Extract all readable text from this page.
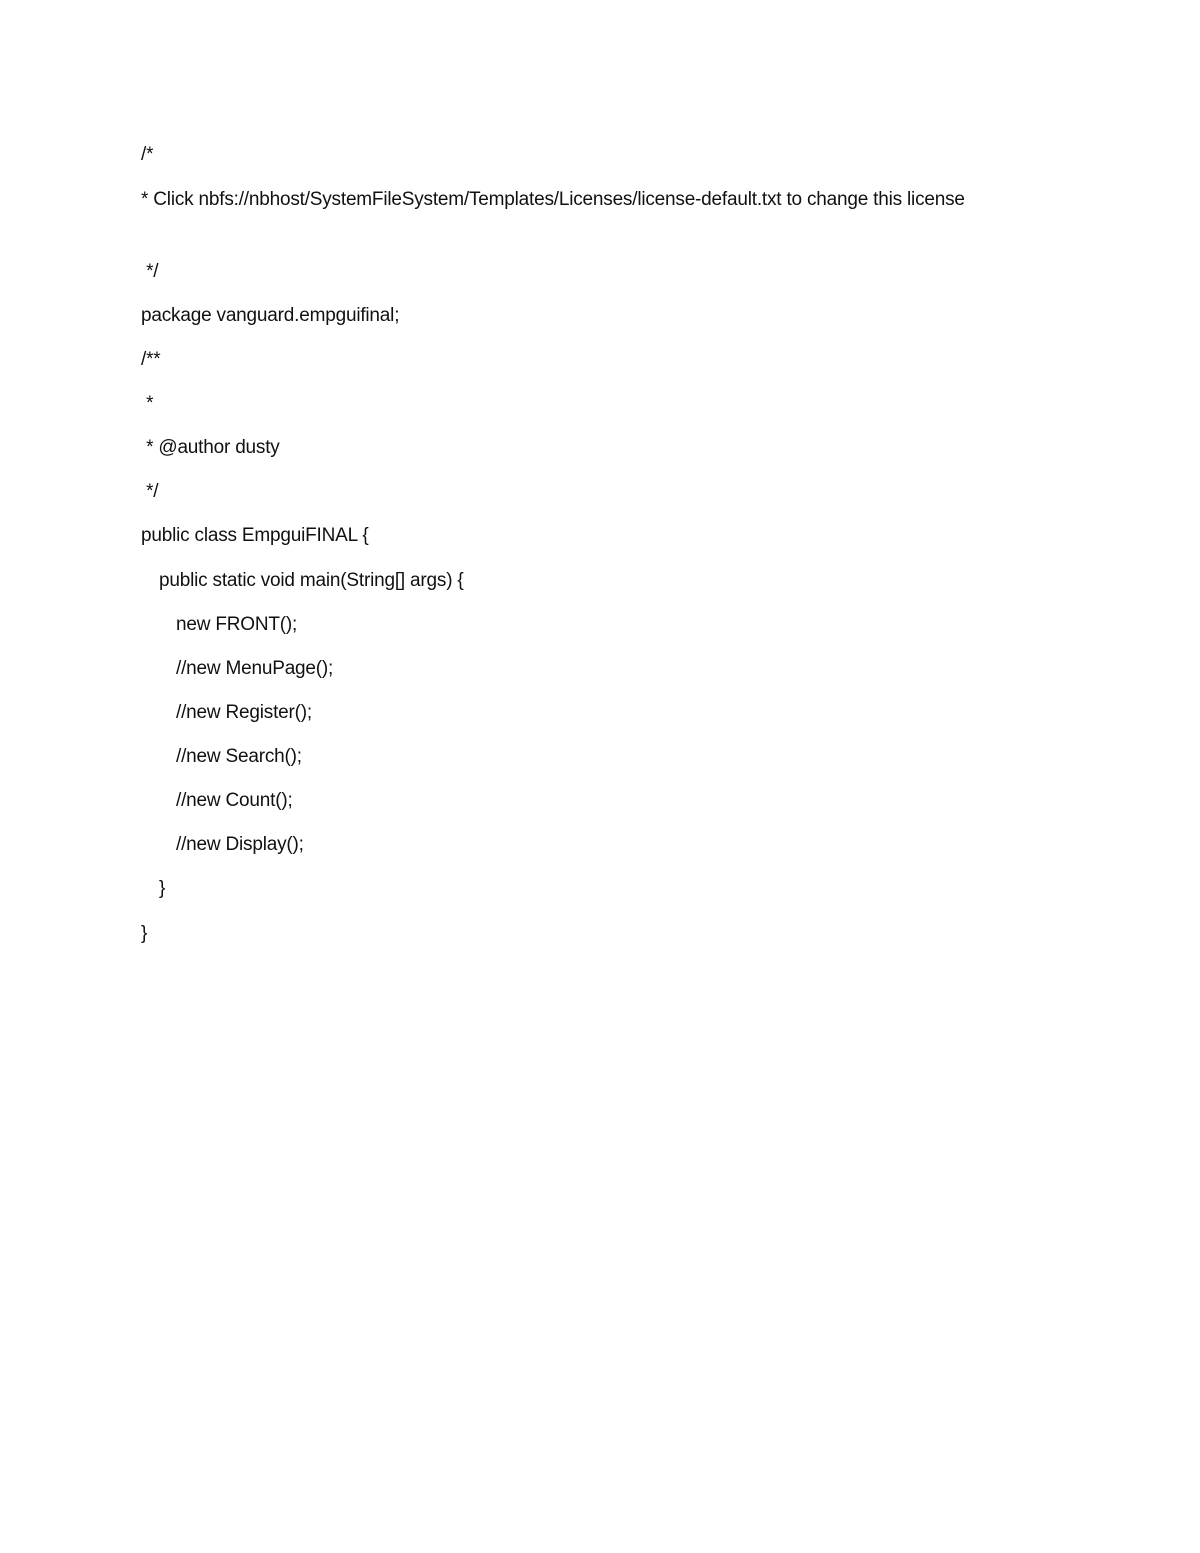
/*
* Click nbfs://nbhost/SystemFileSystem/Templates/Licenses/license-default.txt to change this license
*/
package vanguard.empguifinal;
/**
*
* @author dusty
*/
public class EmpguiFINAL {
public static void main(String[] args) {
new FRONT();
//new MenuPage();
//new Register();
//new Search();
//new Count();
//new Display();
}
}
